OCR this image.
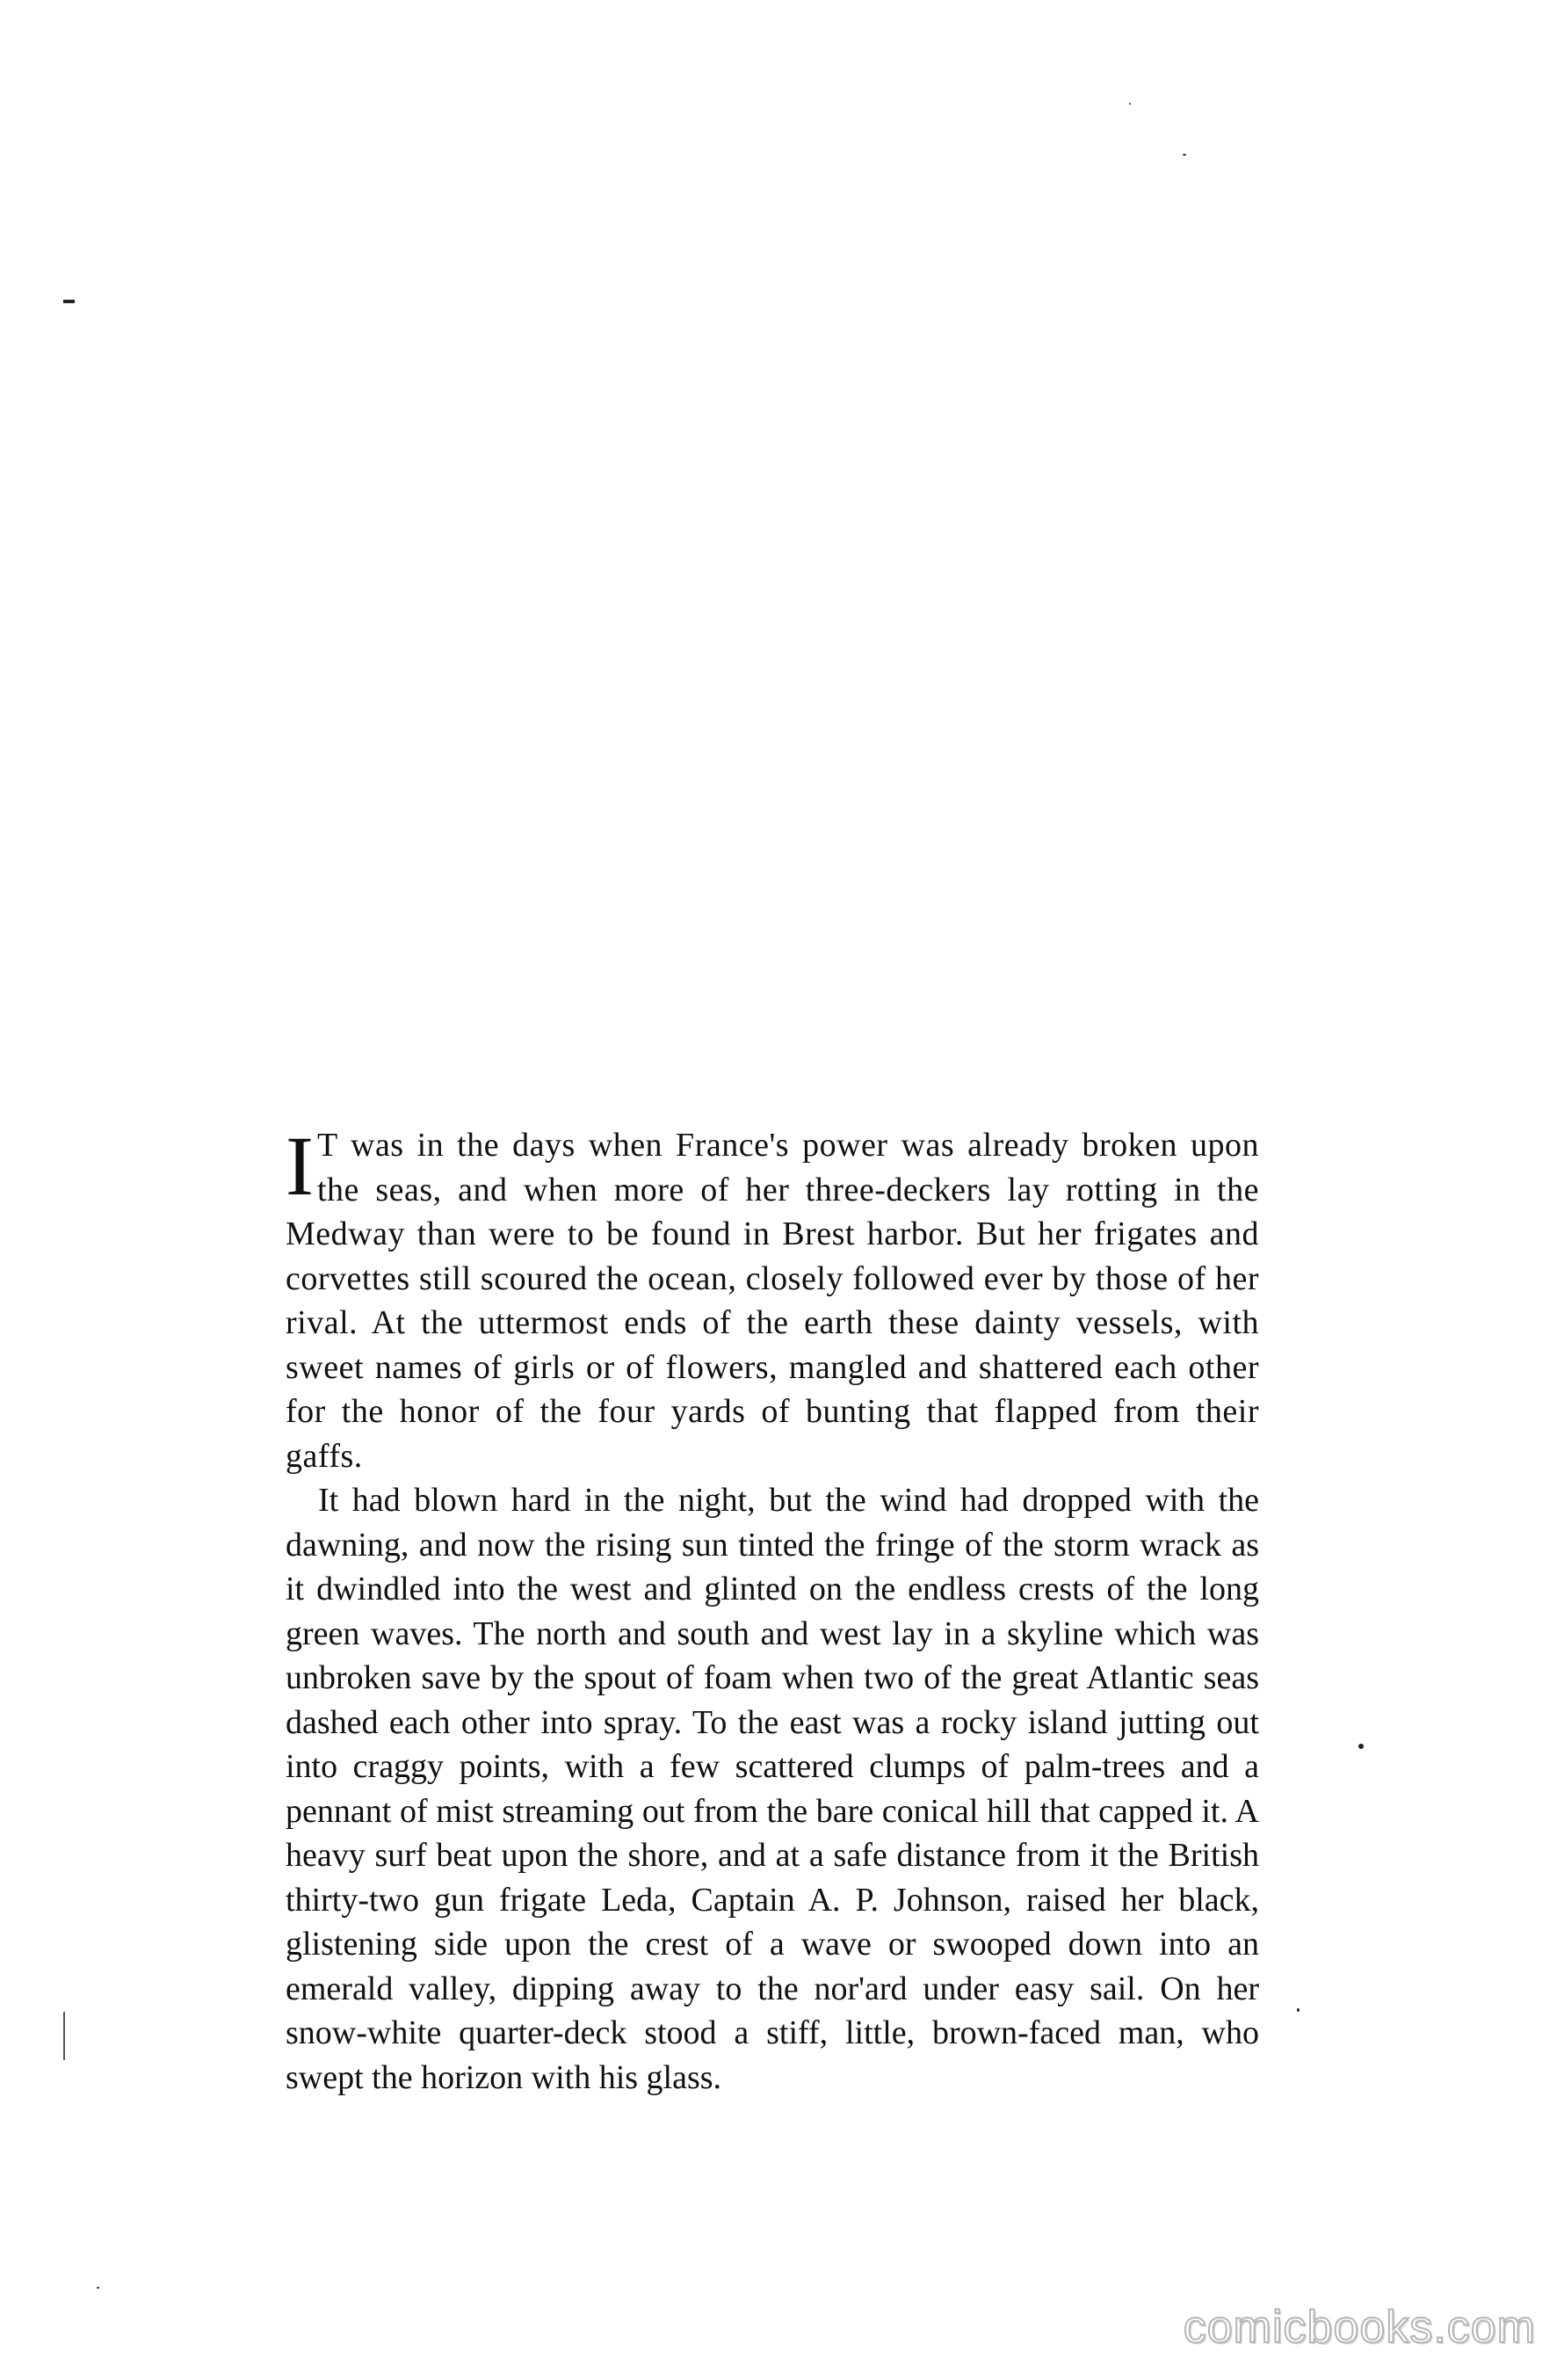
I T was in the days when France's power was already broken upon the seas, and when more of her three-deckers lay rotting in the Medway than were to be found in Brest harbor. But her frigates and corvettes still scoured the ocean, closely followed ever by those of her rival. At the uttermost ends of the earth these dainty vessels, with sweet names of girls or of flowers, mangled and shattered each other for the honor of the four yards of bunting that flapped from their gaffs.

It had blown hard in the night, but the wind had dropped with the dawning, and now the rising sun tinted the fringe of the storm wrack as it dwindled into the west and glinted on the endless crests of the long green waves. The north and south and west lay in a skyline which was unbroken save by the spout of foam when two of the great Atlantic seas dashed each other into spray. To the east was a rocky island jutting out into craggy points, with a few scattered clumps of palm-trees and a pennant of mist streaming out from the bare conical hill that capped it. A heavy surf beat upon the shore, and at a safe distance from it the British thirty-two gun frigate Leda, Captain A. P. Johnson, raised her black, glistening side upon the crest of a wave or swooped down into an emerald valley, dipping away to the nor'ard under easy sail. On her snow-white quarter-deck stood a stiff, little, brown-faced man, who swept the horizon with his glass.

comicbooks.com
